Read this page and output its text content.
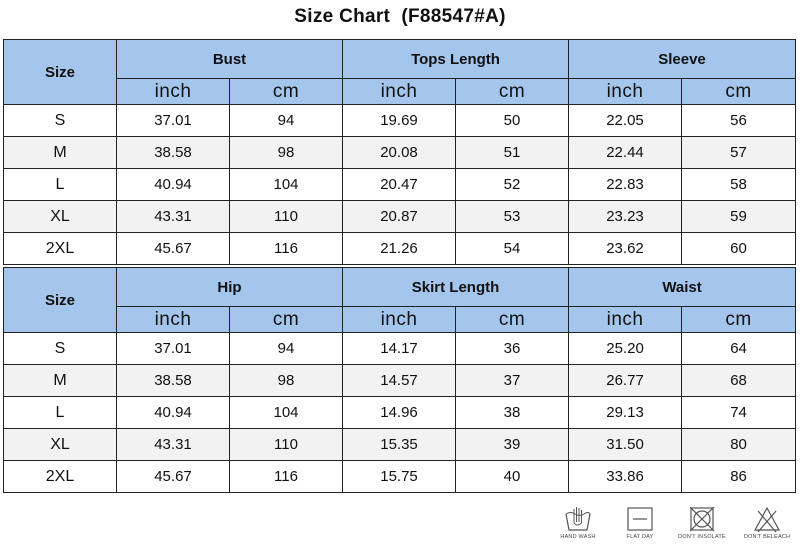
Size Chart  (F88547#A)
Size	Bust		Tops Length		Sleeve	
	inch	cm	inch	cm	inch	cm
S	37.01	94	19.69	50	22.05	56
M	38.58	98	20.08	51	22.44	57
L	40.94	104	20.47	52	22.83	58
XL	43.31	110	20.87	53	23.23	59
2XL	45.67	116	21.26	54	23.62	60
Size	Hip		Skirt Length		Waist	
	inch	cm	inch	cm	inch	cm
S	37.01	94	14.17	36	25.20	64
M	38.58	98	14.57	37	26.77	68
L	40.94	104	14.96	38	29.13	74
XL	43.31	110	15.35	39	31.50	80
2XL	45.67	116	15.75	40	33.86	86
HAND WASH	FLAT DAY	DON'T INSOLATE	DON'T BELEACH
